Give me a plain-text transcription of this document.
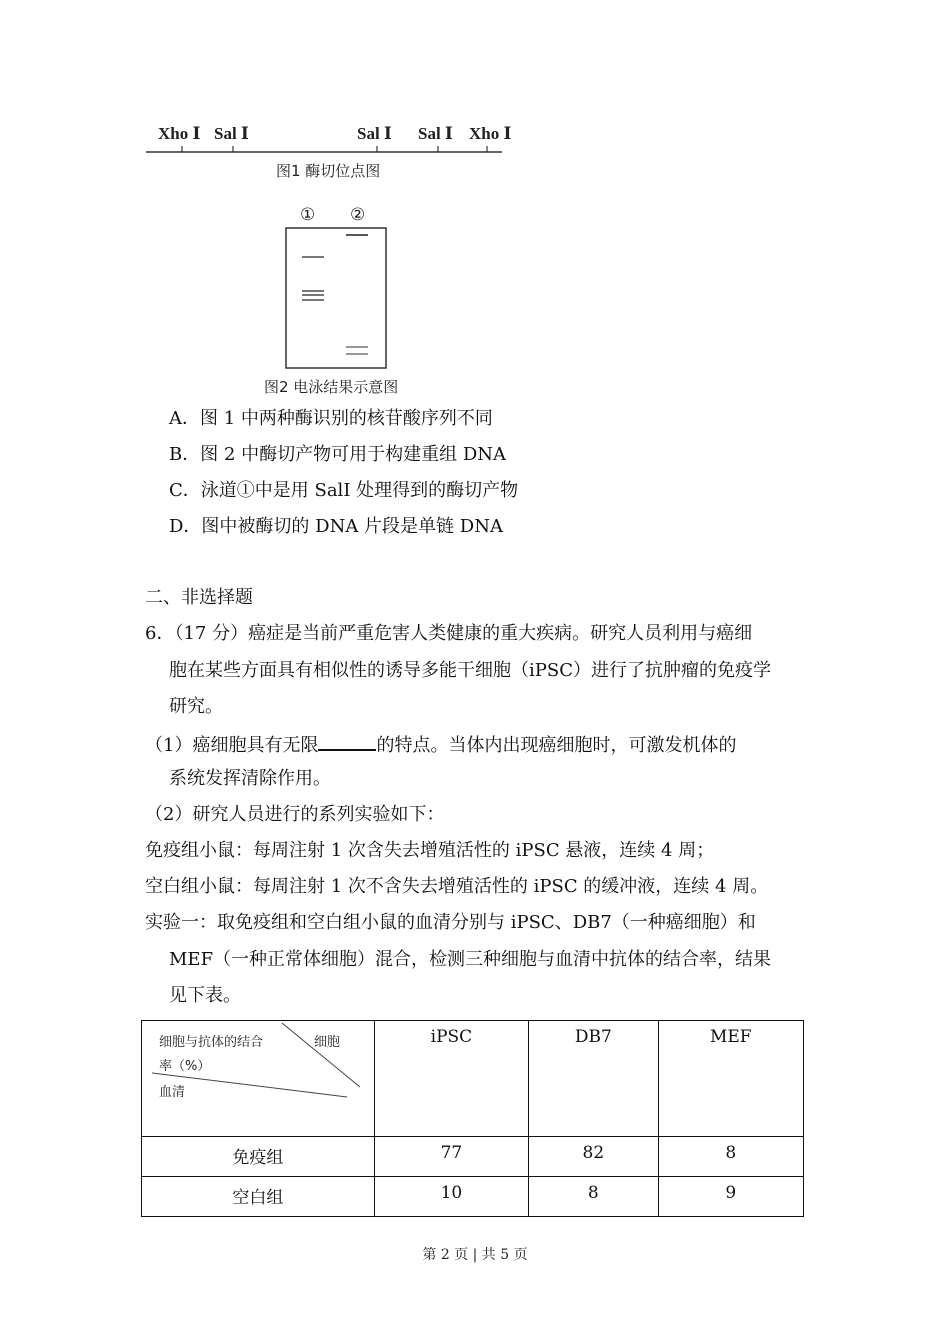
Xho Ⅰ Sal Ⅰ	Sal Ⅰ Sal Ⅰ Xho Ⅰ
图1 酶切位点图
① ②
图2 电泳结果示意图
A．图 1 中两种酶识别的核苷酸序列不同
B．图 2 中酶切产物可用于构建重组 DNA
C．泳道①中是用 SalI 处理得到的酶切产物
D．图中被酶切的 DNA 片段是单链 DNA
二、非选择题
6．（17 分）癌症是当前严重危害人类健康的重大疾病。研究人员利用与癌细
胞在某些方面具有相似性的诱导多能干细胞（iPSC）进行了抗肿瘤的免疫学
研究。
（1）癌细胞具有无限	的特点。当体内出现癌细胞时，可激发机体的
系统发挥清除作用。
（2）研究人员进行的系列实验如下：
免疫组小鼠：每周注射 1 次含失去增殖活性的 iPSC 悬液，连续 4 周；
空白组小鼠：每周注射 1 次不含失去增殖活性的 iPSC 的缓冲液，连续 4 周。
实验一：取免疫组和空白组小鼠的血清分别与 iPSC、DB7（一种癌细胞）和
MEF（一种正常体细胞）混合，检测三种细胞与血清中抗体的结合率，结果
见下表。
细胞与抗体的结合 细胞
率（%）
血清	iPSC	DB7	MEF
免疫组	77	82	8
空白组	10	8	9
第 2 页 | 共 5 页
